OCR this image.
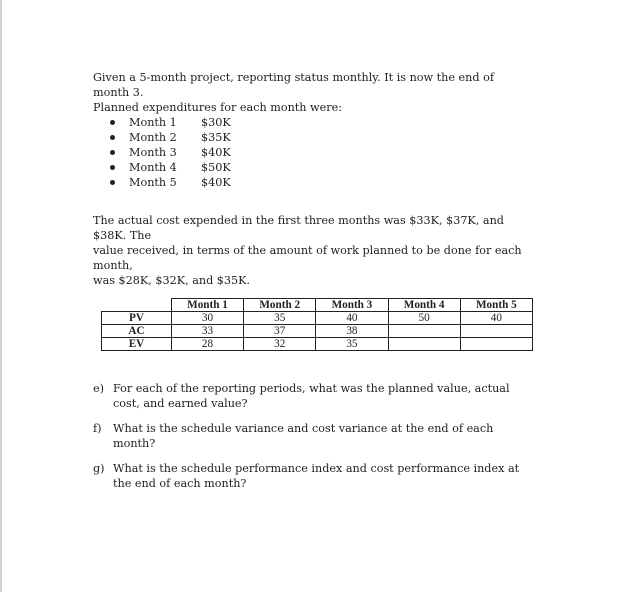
Given a 5-month project, reporting status monthly. It is now the end of month 3.
Planned expenditures for each month were:

Month 1	$30K
Month 2	$35K
Month 3	$40K
Month 4	$50K
Month 5	$40K

The actual cost expended in the first three months was $33K, $37K, and $38K. The
value received, in terms of the amount of work planned to be done for each month,
was $28K, $32K, and $35K.

	Month 1	Month 2	Month 3	Month 4	Month 5
PV	30	35	40	50	40
AC	33	37	38		
EV	28	32	35		
e) For each of the reporting periods, what was the planned value, actual cost, and earned value?
f)	What is the schedule variance and cost variance at the end of each month?
g) What is the schedule performance index and cost performance index at the end of each month?
